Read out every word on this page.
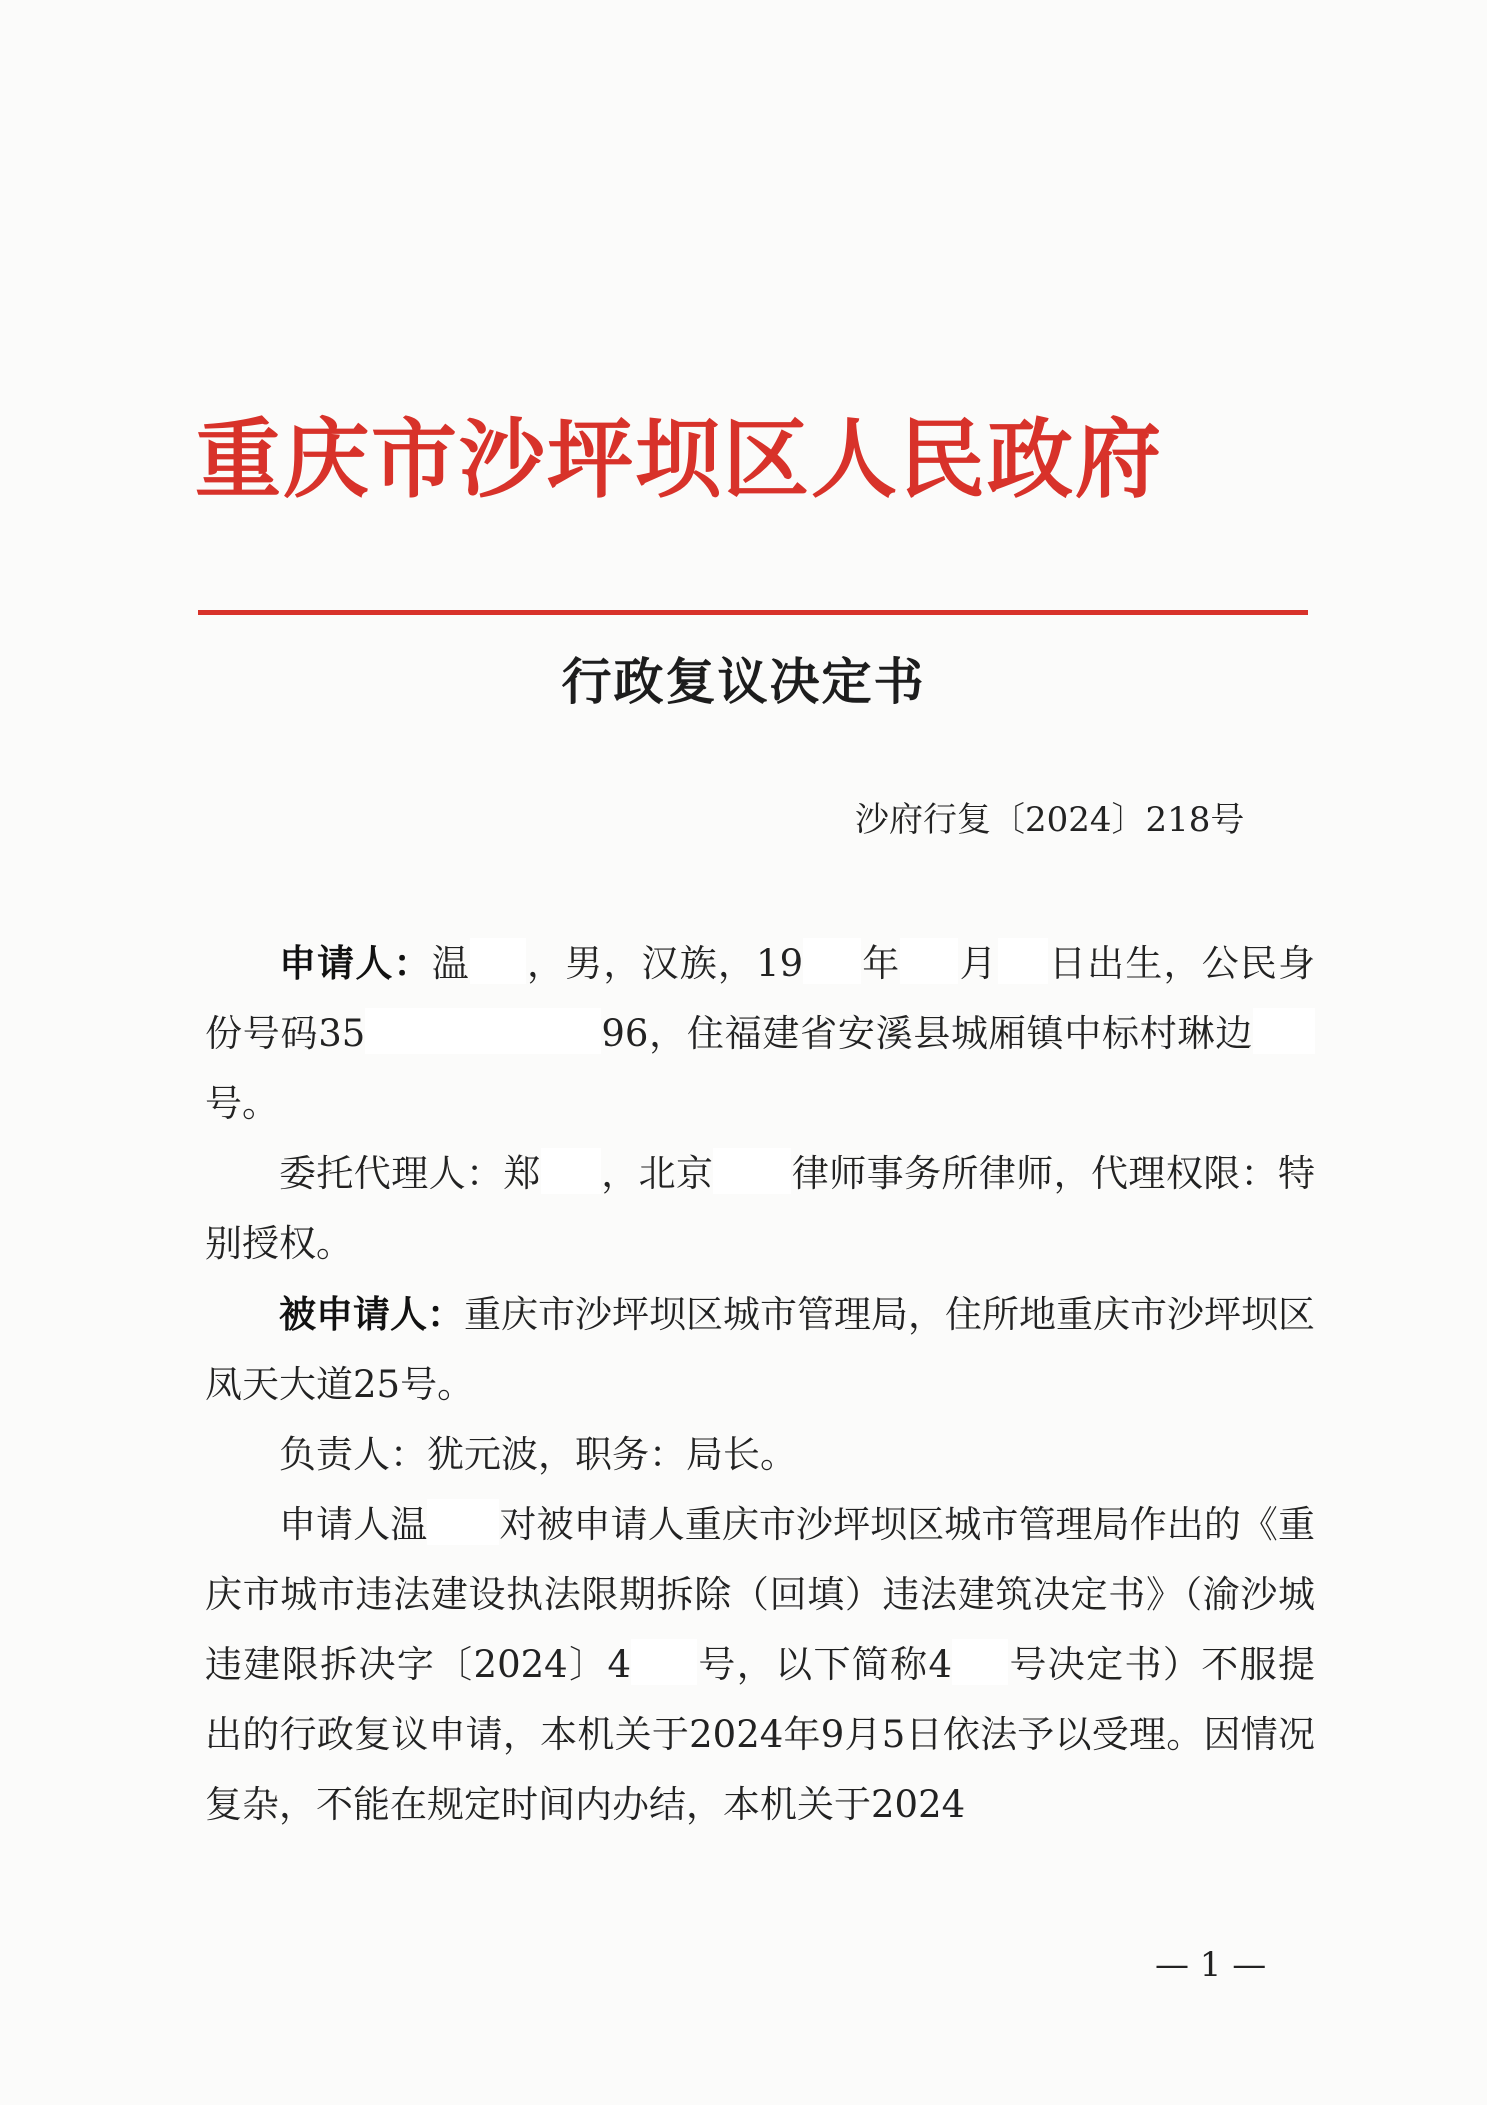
重庆市沙坪坝区人民政府
行政复议决定书
沙府行复〔2024〕218号

申请人：温 ，男，汉族，19 年 月 日出生，公民身份号码35	96，住福建省安溪县城厢镇中标村琳边号。

委托代理人：郑 ，北京 律师事务所律师，代理权限：特别授权。

被申请人：重庆市沙坪坝区城市管理局，住所地重庆市沙坪坝区凤天大道25号。

负责人：犹元波，职务：局长。

申请人温 对被申请人重庆市沙坪坝区城市管理局作出的《重庆市城市违法建设执法限期拆除（回填）违法建筑决定书》（渝沙城违建限拆决字〔2024〕4 号，以下简称4 号决定书）不服提出的行政复议申请，本机关于2024年9月5日依法予以受理。因情况复杂，不能在规定时间内办结，本机关于2024

— 1 —
